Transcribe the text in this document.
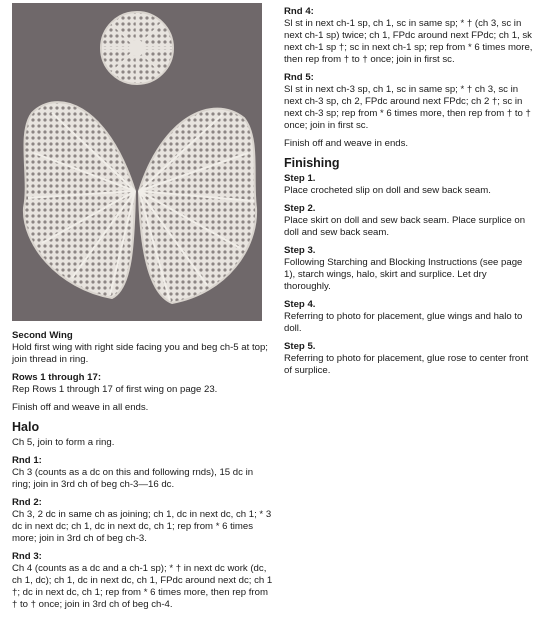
Second Wing

Hold first wing with right side facing you and beg ch-5 at top; join thread in ring.

Rows 1 through 17:

Rep Rows 1 through 17 of first wing on page 23.

Finish off and weave in all ends.

Halo

Ch 5, join to form a ring.

Rnd 1:

Ch 3 (counts as a dc on this and following rnds), 15 dc in ring; join in 3rd ch of beg ch-3—16 dc.

Rnd 2:

Ch 3, 2 dc in same ch as joining; ch 1, dc in next dc, ch 1; * 3 dc in next dc; ch 1, dc in next dc, ch 1; rep from * 6 times more; join in 3rd ch of beg ch-3.

Rnd 3:

Ch 4 (counts as a dc and a ch-1 sp); * † in next dc work (dc, ch 1, dc); ch 1, dc in next dc, ch 1, FPdc around next dc; ch 1 †; dc in next dc, ch 1; rep from * 6 times more, then rep from † to † once; join in 3rd ch of beg ch-4.

Rnd 4:

Sl st in next ch-1 sp, ch 1, sc in same sp; * † (ch 3, sc in next ch-1 sp) twice; ch 1, FPdc around next FPdc; ch 1, sk next ch-1 sp †; sc in next ch-1 sp; rep from * 6 times more, then rep from † to † once; join in first sc.

Rnd 5:

Sl st in next ch-3 sp, ch 1, sc in same sp; * † ch 3, sc in next ch-3 sp, ch 2, FPdc around next FPdc; ch 2 †; sc in next ch-3 sp; rep from * 6 times more, then rep from † to † once; join in first sc.

Finish off and weave in ends.

Finishing

Step 1.

Place crocheted slip on doll and sew back seam.

Step 2.

Place skirt on doll and sew back seam. Place surplice on doll and sew back seam.

Step 3.

Following Starching and Blocking Instructions (see page 1), starch wings, halo, skirt and surplice. Let dry thoroughly.

Step 4.

Referring to photo for placement, glue wings and halo to doll.

Step 5.

Referring to photo for placement, glue rose to center front of surplice.
